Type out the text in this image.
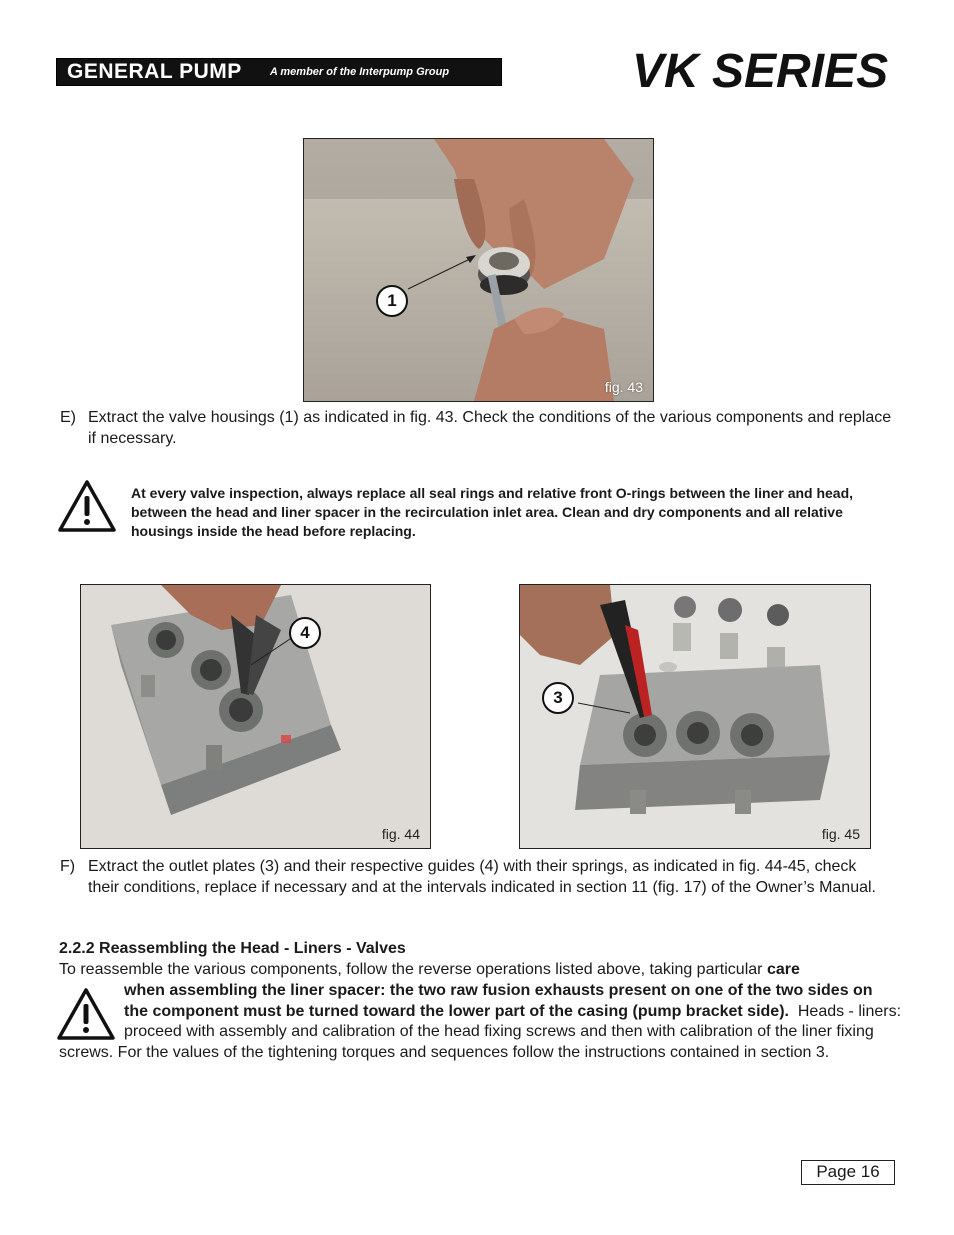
GENERAL PUMP	A member of the Interpump Group	VK SERIES
1
fig. 43
E) Extract the valve housings (1) as indicated in fig. 43. Check the conditions of the various components and replace if necessary.
At every valve inspection, always replace all seal rings and relative front O-rings between the liner and head, between the head and liner spacer in the recirculation inlet area. Clean and dry components and all relative housings inside the head before replacing.
4
fig. 44
3
fig. 45
F) Extract the outlet plates (3) and their respective guides (4) with their springs, as indicated in fig. 44-45, check their conditions, replace if necessary and at the intervals indicated in section 11 (fig. 17) of the Owner’s Manual.
2.2.2 Reassembling the Head - Liners - Valves
To reassemble the various components, follow the reverse operations listed above, taking particular care
when assembling the liner spacer: the two raw fusion exhausts present on one of the two sides on the component must be turned toward the lower part of the casing (pump bracket side). Heads - liners: proceed with assembly and calibration of the head fixing screws and then with calibration of the liner fixing screws. For the values of the tightening torques and sequences follow the instructions contained in section 3.
Page 16
